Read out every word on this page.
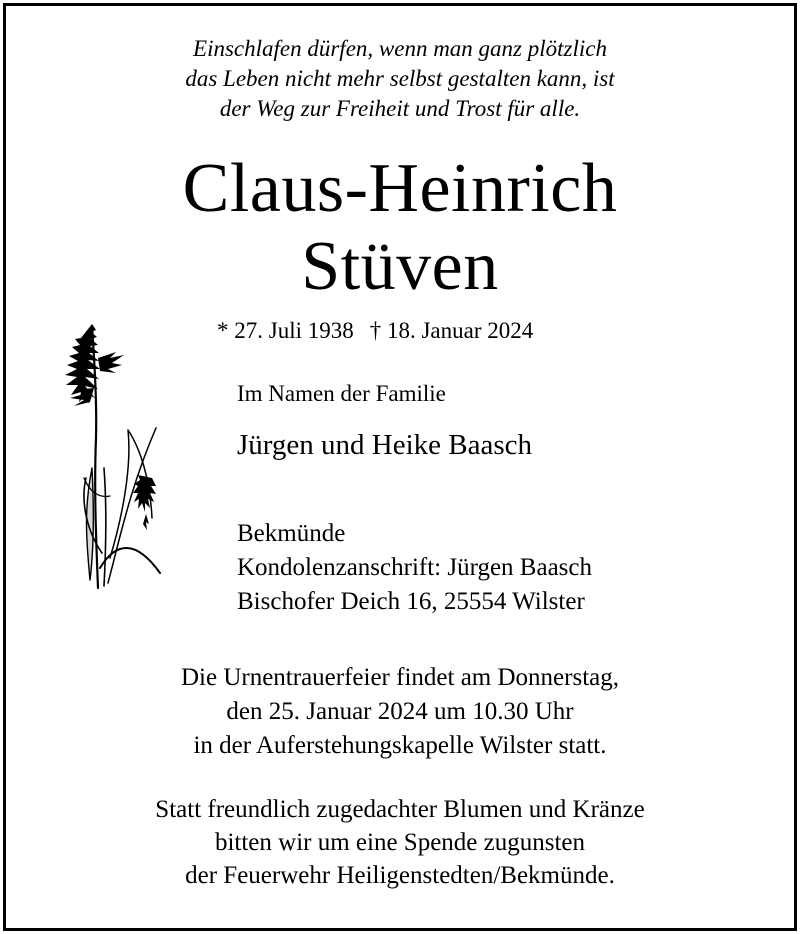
Einschlafen dürfen, wenn man ganz plötzlich
das Leben nicht mehr selbst gestalten kann, ist
der Weg zur Freiheit und Trost für alle.
Claus-Heinrich
Stüven
* 27. Juli 1938 † 18. Januar 2024
Im Namen der Familie
Jürgen und Heike Baasch
Bekmünde
Kondolenzanschrift: Jürgen Baasch
Bischofer Deich 16, 25554 Wilster
Die Urnentrauerfeier findet am Donnerstag,
den 25. Januar 2024 um 10.30 Uhr
in der Auferstehungskapelle Wilster statt.
Statt freundlich zugedachter Blumen und Kränze
bitten wir um eine Spende zugunsten
der Feuerwehr Heiligenstedten/Bekmünde.
